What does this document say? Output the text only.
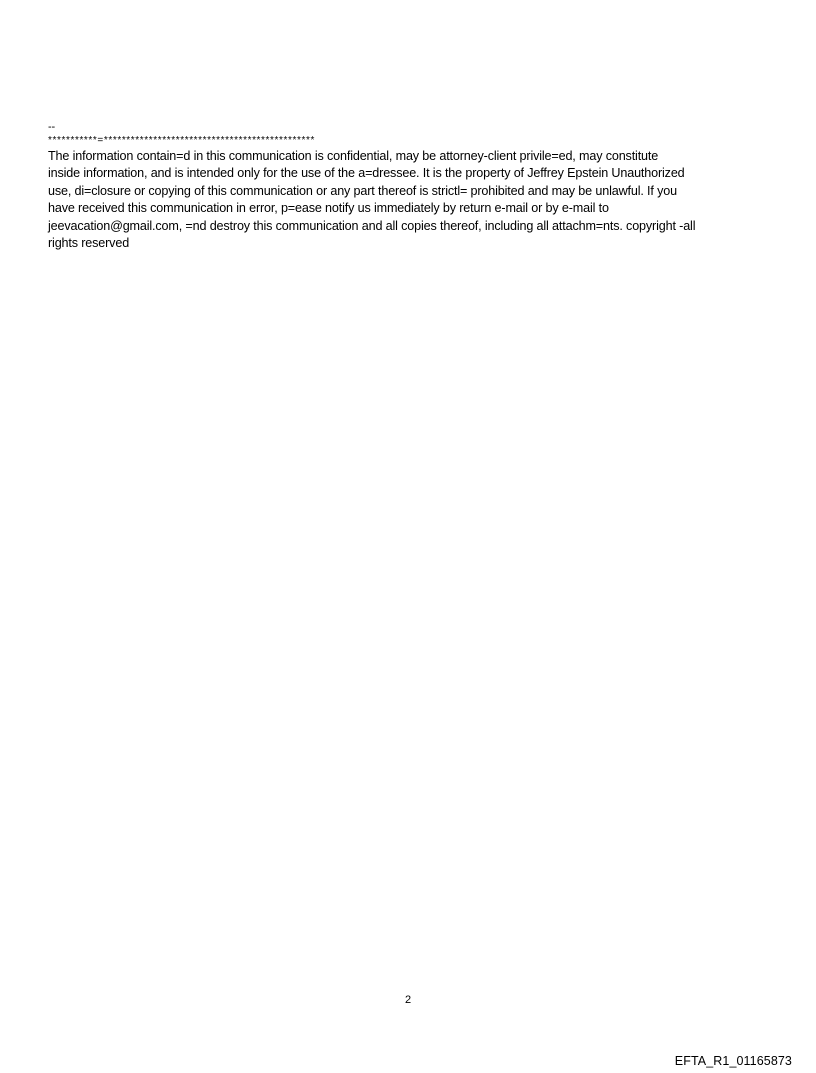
--
***********=***********************************************
The information contain=d in this communication is confidential, may be attorney-client privile=ed, may constitute
inside information, and is intended only for the use of the a=dressee. It is the property of Jeffrey Epstein Unauthorized
use, di=closure or copying of this communication or any part thereof is strictl= prohibited and may be unlawful. If you
have received this communication in error, p=ease notify us immediately by return e-mail or by e-mail to
jeevacation@gmail.com, =nd destroy this communication and all copies thereof, including all attachm=nts. copyright -all
rights reserved
2
EFTA_R1_01165873
